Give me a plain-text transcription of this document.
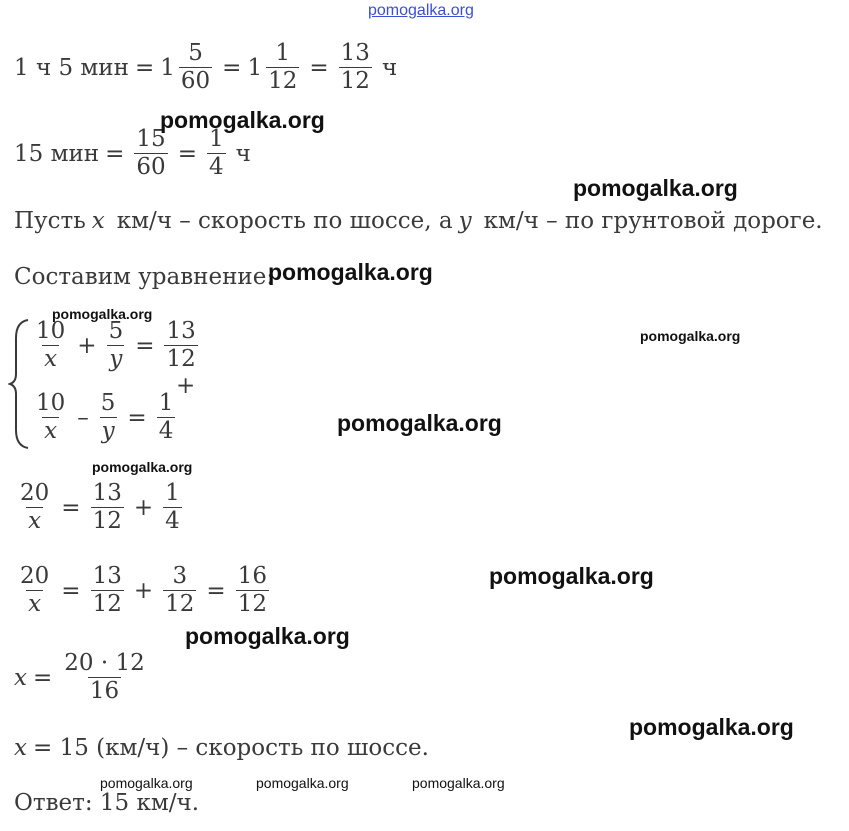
pomogalka.org
1 ч 5 мин = $1 \frac{5}{60} = 1 \frac{1}{12} = \frac{13}{12}$ ч
15 мин = $\frac{15}{60} = \frac{1}{4}$ ч
Пусть x км/ч – скорость по шоссе, а y км/ч – по грунтовой дороге.
Составим уравнение:
$\frac{10}{x} + \frac{5}{y} = \frac{13}{12}$
$\frac{10}{x} - \frac{5}{y} = \frac{1}{4}$
+
$\frac{20}{x} = \frac{13}{12} + \frac{1}{4}$
$\frac{20}{x} = \frac{13}{12} + \frac{3}{12} = \frac{16}{12}$
$x = \frac{20 \cdot 12}{16}$
x = 15 (км/ч) – скорость по шоссе.
Ответ: 15 км/ч.
pomogalka.org
pomogalka.org
pomogalka.org
pomogalka.org
pomogalka.org
pomogalka.org
pomogalka.org
pomogalka.org
pomogalka.org
pomogalka.org
pomogalka.org	pomogalka.org	pomogalka.org
